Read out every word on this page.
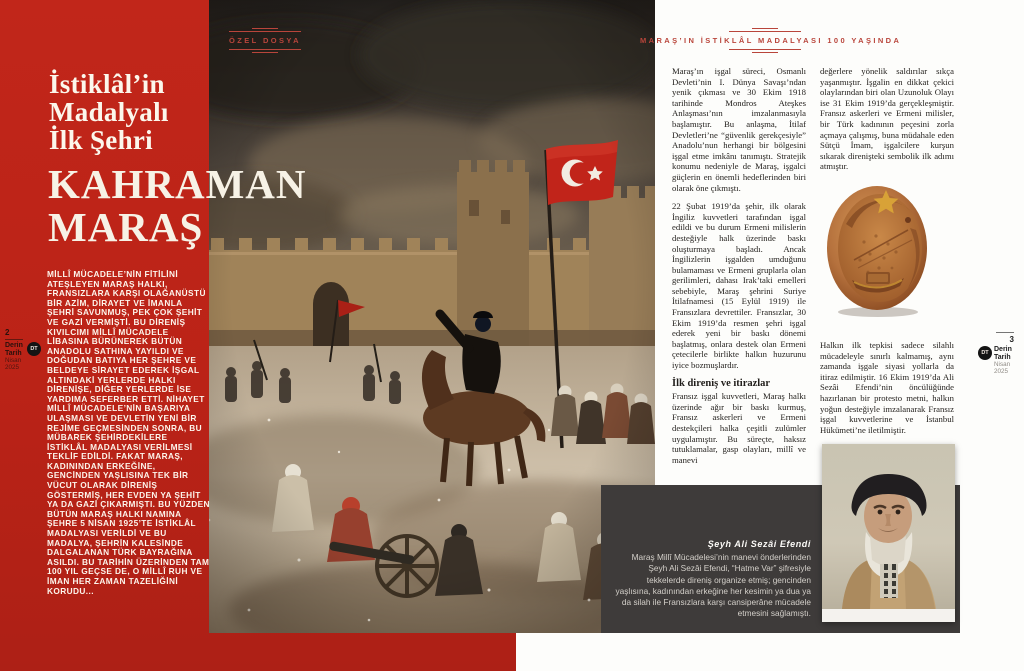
ÖZEL DOSYA	MARAŞ’IN İSTİKLÂL MADALYASI 100 YAŞINDA
İstiklâl’in
Madalyalı
İlk Şehri
KAHRAMAN
MARAŞ
MİLLÎ MÜCADELE’NİN FİTİLİNİ ATEŞLEYEN MARAŞ HALKI, FRANSIZLARA KARŞI OLAĞANÜSTÜ BİR AZİM, DİRAYET VE İMANLA ŞEHRİ SAVUNMUŞ, PEK ÇOK ŞEHİT VE GAZİ VERMİŞTİ. BU DİRENİŞ KIVILCIMI MİLLÎ MÜCADELE LİBASINA BÜRÜNEREK BÜTÜN ANADOLU SATHINA YAYILDI VE DOĞUDAN BATIYA HER ŞEHRE VE BELDEYE SİRAYET EDEREK İŞGAL ALTINDAKİ YERLERDE HALKI DİRENİŞE, DİĞER YERLERDE İSE YARDIMA SEFERBER ETTİ. NİHAYET MİLLÎ MÜCADELE’NİN BAŞARIYA ULAŞMASI VE DEVLETİN YENİ BİR REJİME GEÇMESİNDEN SONRA, BU MÜBAREK ŞEHİRDEKİLERE İSTİKLÂL MADALYASI VERİLMESİ TEKLİF EDİLDİ. FAKAT MARAŞ, KADININDAN ERKEĞİNE, GENCİNDEN YAŞLISINA TEK BİR VÜCUT OLARAK DİRENİŞ GÖSTERMİŞ, HER EVDEN YA ŞEHİT YA DA GAZİ ÇIKARMIŞTI. BU YÜZDEN BÜTÜN MARAŞ HALKI NAMINA ŞEHRE 5 NİSAN 1925’TE İSTİKLÂL MADALYASI VERİLDİ VE BU MADALYA, ŞEHRİN KALESİNDE DALGALANAN TÜRK BAYRAĞINA ASILDI. BU TARİHİN ÜZERİNDEN TAM 100 YIL GEÇSE DE, O MİLLÎ RUH VE İMAN HER ZAMAN TAZELİĞİNİ KORUDU...
2
Derin Tarih
DT
Nisan 2025

Maraş’ın işgal süreci, Osmanlı Devleti’nin I. Dünya Savaşı’ndan yenik çıkması ve 30 Ekim 1918 tarihinde Mondros Ateşkes Anlaşması’nın imzalanmasıyla başlamıştır. Bu anlaşma, İtilaf Devletleri’ne “güvenlik gerekçesiyle” Anadolu’nun herhangi bir bölgesini işgal etme imkânı tanımıştı. Stratejik konumu nedeniyle de Maraş, işgalci güçlerin en önemli hedeflerinden biri olarak öne çıkmıştı.

22 Şubat 1919’da şehir, ilk olarak İngiliz kuvvetleri tarafından işgal edildi ve bu durum Ermeni milislerin desteğiyle halk üzerinde baskı oluşturmaya başladı. Ancak İngilizlerin işgalden umduğunu bulamaması ve Ermeni gruplarla olan gerilimleri, dahası Irak’taki emelleri sebebiyle, Maraş şehrini Suriye İtilafnamesi (15 Eylül 1919) ile Fransızlara devrettiler. Fransızlar, 30 Ekim 1919’da resmen şehri işgal ederek yeni bir baskı dönemi başlatmış, onlara destek olan Ermeni çetecilerle birlikte halkın huzurunu iyice bozmuşlardır.

İlk direniş ve itirazlar

Fransız işgal kuvvetleri, Maraş halkı üzerinde ağır bir baskı kurmuş, Fransız askerleri ve Ermeni destekçileri halka çeşitli zulümler uygulamıştır. Bu süreçte, haksız tutuklamalar, gasp olayları, millî ve manevi

değerlere yönelik saldırılar sıkça yaşanmıştır. İşgalin en dikkat çekici olaylarından biri olan Uzunoluk Olayı ise 31 Ekim 1919’da gerçekleşmiştir. Fransız askerleri ve Ermeni milisler, bir Türk kadınının peçesini zorla açmaya çalışmış, buna müdahale eden Sütçü İmam, işgalcilere kurşun sıkarak direnişteki sembolik ilk adımı atmıştır.

Halkın ilk tepkisi sadece silahlı mücadeleyle sınırlı kalmamış, aynı zamanda işgale siyasi yollarla da itiraz edilmiştir. 16 Ekim 1919’da Ali Sezâi Efendi’nin öncülüğünde hazırlanan bir protesto metni, halkın yoğun desteğiyle imzalanarak Fransız işgal kuvvetlerine ve İstanbul Hükümeti’ne iletilmiştir.

Şeyh Ali Sezâi Efendi
Maraş Millî Mücadelesi’nin manevi önderlerinden Şeyh Ali Sezâi Efendi, “Hatme Var” şifresiyle tekkelerde direniş organize etmiş; gencinden yaşlısına, kadınından erkeğine her kesimin ya dua ya da silah ile Fransızlara karşı cansiperâne mücadele etmesini sağlamıştı.
3
DT Derin Tarih
Nisan 2025
